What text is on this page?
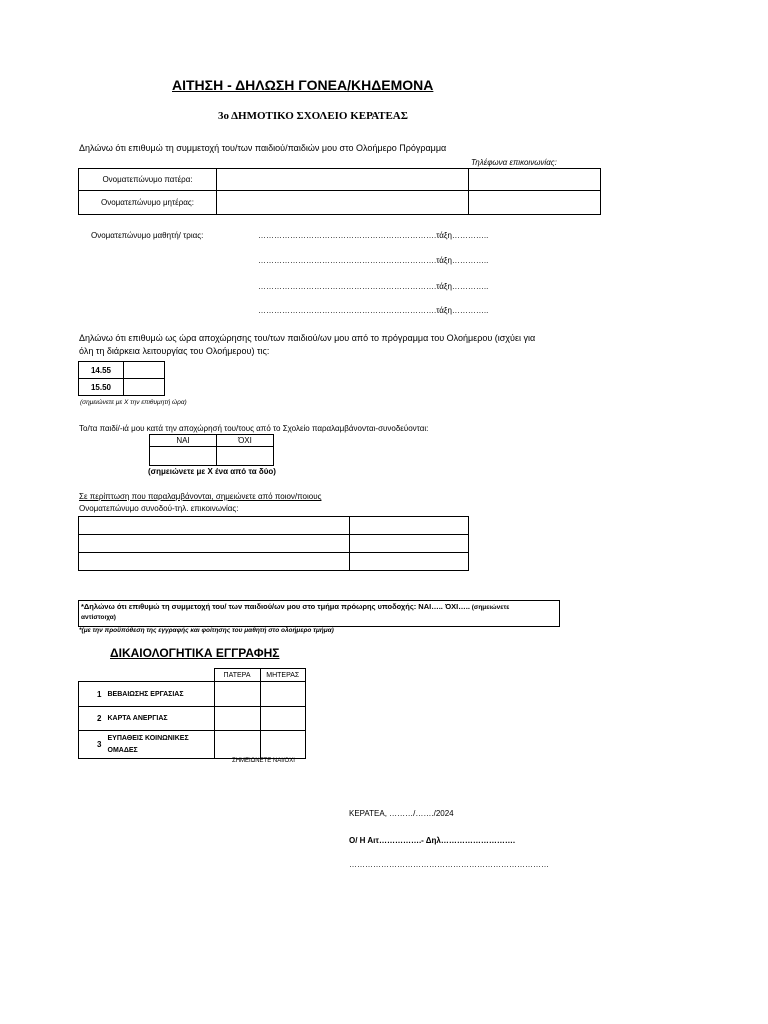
ΑΙΤΗΣΗ - ΔΗΛΩΣΗ ΓΟΝΕΑ/ΚΗΔΕΜΟΝΑ
3ο ΔΗΜΟΤΙΚΟ ΣΧΟΛΕΙΟ ΚΕΡΑΤΕΑΣ
Δηλώνω ότι επιθυμώ τη συμμετοχή του/των παιδιού/παιδιών μου στο Ολοήμερο Πρόγραμμα
Τηλέφωνα επικοινωνίας:
Ονοματεπώνυμο πατέρα:		
Ονοματεπώνυμο μητέρας:		
Ονοματεπώνυμο μαθητή/ τριας:	………………………………………………………….τάξη…………..
………………………………………………………….τάξη…………..
………………………………………………………….τάξη…………..
………………………………………………………….τάξη…………..
Δηλώνω ότι επιθυμώ ως ώρα αποχώρησης του/των παιδιού/ων μου από το πρόγραμμα του Ολοήμερου (ισχύει για
όλη τη διάρκεια λειτουργίας του Ολοήμερου) τις:
14.55	
15.50	
(σημειώνετε με Χ την επιθυμητή ώρα)
Το/τα παιδί/-ιά μου κατά την αποχώρησή του/τους από το Σχολείο παραλαμβάνονται-συνοδεύονται:
ΝΑΙ	ΌΧΙ

(σημειώνετε με Χ ένα από τα δύο)
Σε περίπτωση που παραλαμβάνονται, σημειώνετε από ποιον/ποιους
Ονοματεπώνυμο συνοδού-τηλ. επικοινωνίας:

*Δηλώνω ότι επιθυμώ τη συμμετοχή του/ των παιδιού/ων μου στο τμήμα πρόωρης υποδοχής: ΝΑΙ….. ΌΧΙ….. (σημειώνετε
αντίστοιχα)
*(με την προϋπόθεση της εγγραφής και φοίτησης του μαθητή στο ολοήμερο τμήμα)
ΔΙΚΑΙΟΛΟΓΗΤΙΚΑ ΕΓΓΡΑΦΗΣ
		ΠΑΤΕΡΑ	ΜΗΤΕΡΑΣ
1	ΒΕΒΑΙΩΣΗΣ ΕΡΓΑΣΙΑΣ		
2	ΚΑΡΤΑ ΑΝΕΡΓΙΑΣ		
3	ΕΥΠΑΘΕΙΣ ΚΟΙΝΩΝΙΚΕΣ
ΟΜΑΔΕΣ		

ΣΗΜΕΙΩΝΕΤΕ ΝΑΙ/ΟΧΙ
ΚΕΡΑΤΕΑ, ………/……./2024
Ο/ Η Αιτ…………….- Δηλ……………………….
…………………………………………………………………
